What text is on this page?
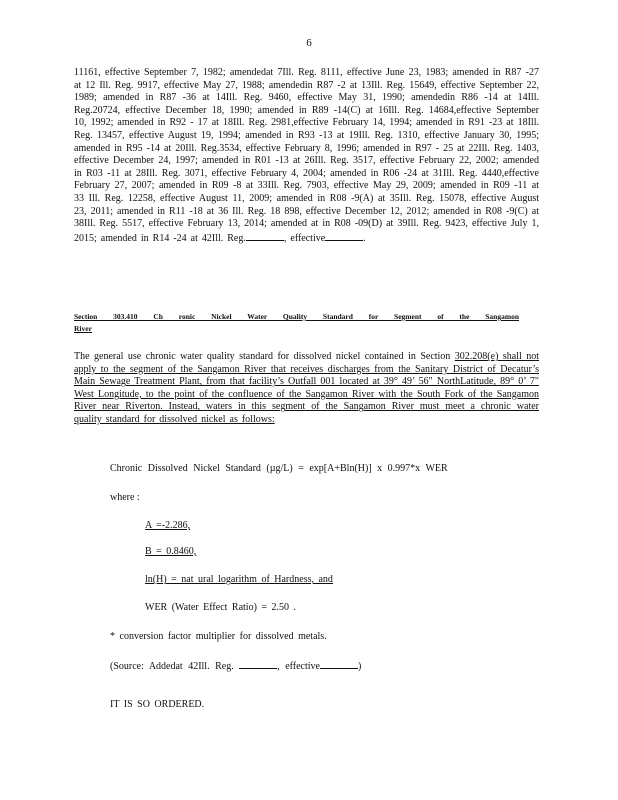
6
11161, effective September 7, 1982; amendedat 7Ill. Reg. 8111, effective June 23, 1983; amended in R87 -27 at 12 Ill. Reg. 9917, effective May 27, 1988; amendedin R87 -2 at 13Ill. Reg. 15649, effective September 22, 1989; amended in R87 -36 at 14Ill. Reg. 9460, effective May 31, 1990; amendedin R86 -14 at 14Ill. Reg.20724, effective December 18, 1990; amended in R89 -14(C) at 16Ill. Reg. 14684,effective September 10, 1992; amended in R92 - 17 at 18Ill. Reg. 2981,effective February 14, 1994; amended in R91 -23 at 18Ill. Reg. 13457, effective August 19, 1994; amended in R93 -13 at 19Ill. Reg. 1310, effective January 30, 1995; amended in R95 -14 at 20Ill. Reg.3534, effective February 8, 1996; amended in R97 - 25 at 22Ill. Reg. 1403, effective December 24, 1997; amended in R01 -13 at 26Ill. Reg. 3517, effective February 22, 2002; amended in R03 -11 at 28Ill. Reg. 3071, effective February 4, 2004; amended in R06 -24 at 31Ill. Reg. 4440,effective February 27, 2007; amended in R09 -8 at 33Ill. Reg. 7903, effective May 29, 2009; amended in R09 -11 at 33 Ill. Reg. 12258, effective August 11, 2009; amended in R08 -9(A) at 35Ill. Reg. 15078, effective August 23, 2011; amended in R11 -18 at 36 Ill. Reg. 18 898, effective December 12, 2012; amended in R08 -9(C) at 38Ill. Reg. 5517, effective February 13, 2014; amended at in R08 -09(D) at 39Ill. Reg. 9423, effective July 1, 2015; amended in R14 -24 at 42Ill. Reg.	, effective	.
Section 303.410 Ch ronic Nickel Water Quality Standard for Segment of the Sangamon
River
The general use chronic water quality standard for dissolved nickel contained in Section 302.208(e) shall not apply to the segment of the Sangamon River that receives discharges from the Sanitary District of Decatur’s Main Sewage Treatment Plant, from that facility’s Outfall 001 located at 39° 49’ 56" NorthLatitude, 89° 0’ 7" West Longitude, to the point of the confluence of the Sangamon River with the South Fork of the Sangamon River near Riverton. Instead, waters in this segment of the Sangamon River must meet a chronic water quality standard for dissolved nickel as follows:
Chronic Dissolved Nickel Standard (µg/L) = exp[A+Bln(H)] x 0.997*x WER
where :
A =-2.286,
B = 0.8460,
ln(H) = nat ural logarithm of Hardness, and
WER (Water Effect Ratio) = 2.50 .
* conversion factor multiplier for dissolved metals.
(Source: Addedat 42Ill. Reg.	, effective	)
IT IS SO ORDERED.
